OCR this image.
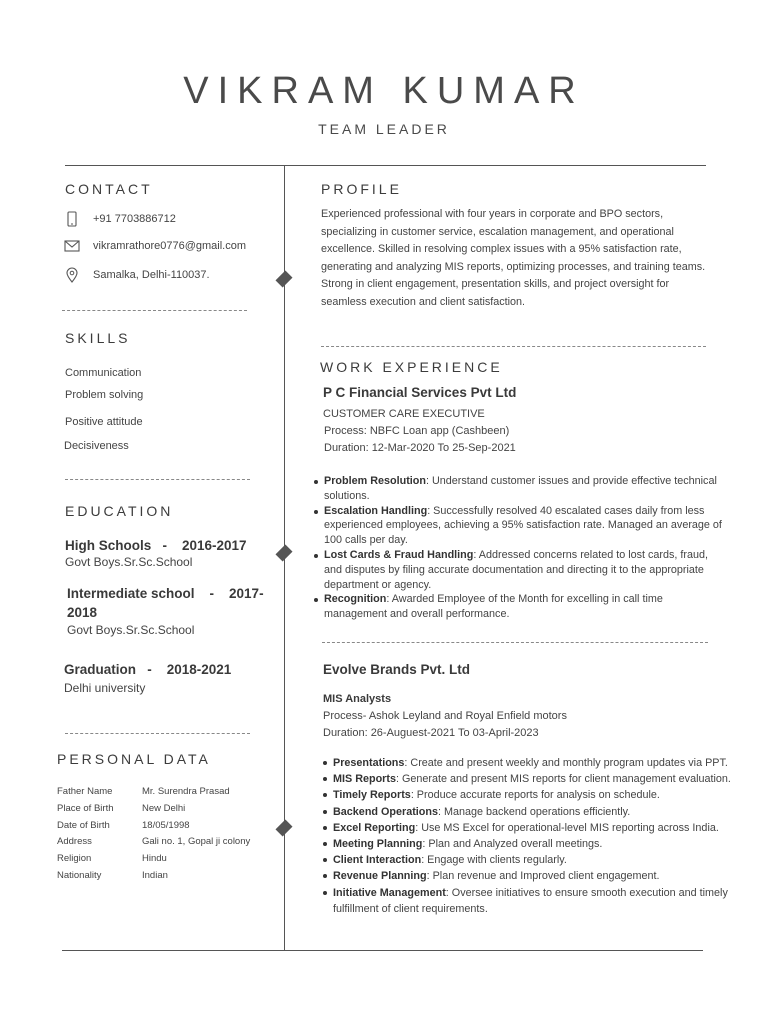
VIKRAM KUMAR
TEAM LEADER
CONTACT
+91 7703886712
vikramrathore0776@gmail.com
Samalka, Delhi-110037.
SKILLS
Communication
Problem solving
Positive attitude
Decisiveness
EDUCATION
High Schools   -    2016-2017
Govt Boys.Sr.Sc.School
Intermediate school    -    2017-2018
Govt Boys.Sr.Sc.School
Graduation   -    2018-2021
Delhi university
PERSONAL DATA
Father Name	Mr. Surendra Prasad
Place of Birth	New Delhi
Date of Birth	18/05/1998
Address	Gali no. 1, Gopal ji colony
Religion	Hindu
Nationality	Indian
PROFILE
Experienced professional with four years in corporate and BPO sectors, specializing in customer service, escalation management, and operational excellence. Skilled in resolving complex issues with a 95% satisfaction rate, generating and analyzing MIS reports, optimizing processes, and training teams. Strong in client engagement, presentation skills, and project oversight for seamless execution and client satisfaction.
WORK EXPERIENCE
P C Financial Services Pvt Ltd
CUSTOMER CARE EXECUTIVE
Process: NBFC Loan app (Cashbeen)
Duration: 12-Mar-2020 To 25-Sep-2021
Problem Resolution: Understand customer issues and provide effective technical solutions.
Escalation Handling: Successfully resolved 40 escalated cases daily from less experienced employees, achieving a 95% satisfaction rate. Managed an average of 100 calls per day.
Lost Cards & Fraud Handling: Addressed concerns related to lost cards, fraud, and disputes by filing accurate documentation and directing it to the appropriate department or agency.
Recognition: Awarded Employee of the Month for excelling in call time management and overall performance.
Evolve Brands Pvt. Ltd
MIS Analysts
Process- Ashok Leyland and Royal Enfield motors
Duration: 26-Auguest-2021 To 03-April-2023
Presentations: Create and present weekly and monthly program updates via PPT.
MIS Reports: Generate and present MIS reports for client management evaluation.
Timely Reports: Produce accurate reports for analysis on schedule.
Backend Operations: Manage backend operations efficiently.
Excel Reporting: Use MS Excel for operational-level MIS reporting across India.
Meeting Planning: Plan and Analyzed overall meetings.
Client Interaction: Engage with clients regularly.
Revenue Planning: Plan revenue and Improved client engagement.
Initiative Management: Oversee initiatives to ensure smooth execution and timely fulfillment of client requirements.
